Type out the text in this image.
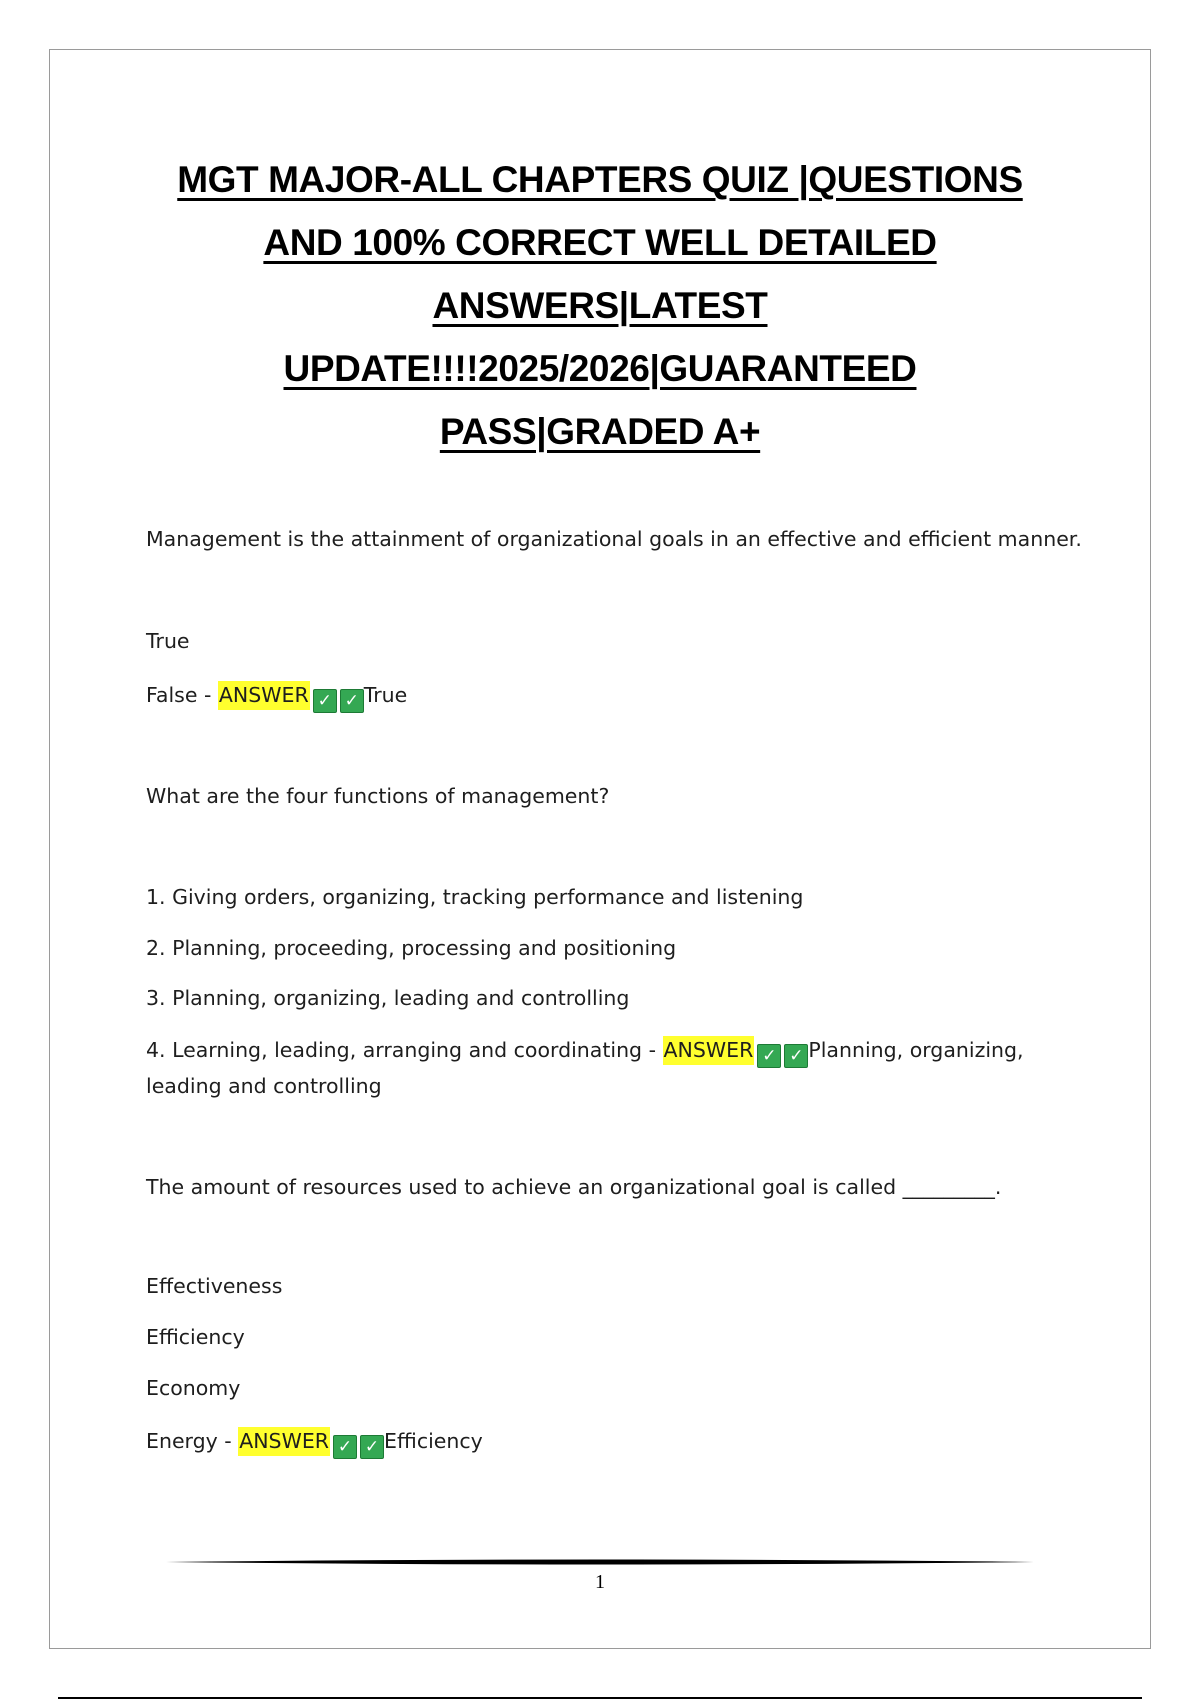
MGT MAJOR-ALL CHAPTERS QUIZ |QUESTIONS
AND 100% CORRECT WELL DETAILED
ANSWERS|LATEST
UPDATE!!!!2025/2026|GUARANTEED
PASS|GRADED A+

Management is the attainment of organizational goals in an effective and efficient manner.

True

False - ANSWER ✓ ✓ True

What are the four functions of management?

1. Giving orders, organizing, tracking performance and listening

2. Planning, proceeding, processing and positioning

3. Planning, organizing, leading and controlling

4. Learning, leading, arranging and coordinating - ANSWER ✓ ✓ Planning, organizing,

leading and controlling

The amount of resources used to achieve an organizational goal is called _________.

Effectiveness

Efficiency

Economy

Energy - ANSWER ✓ ✓ Efficiency

1
